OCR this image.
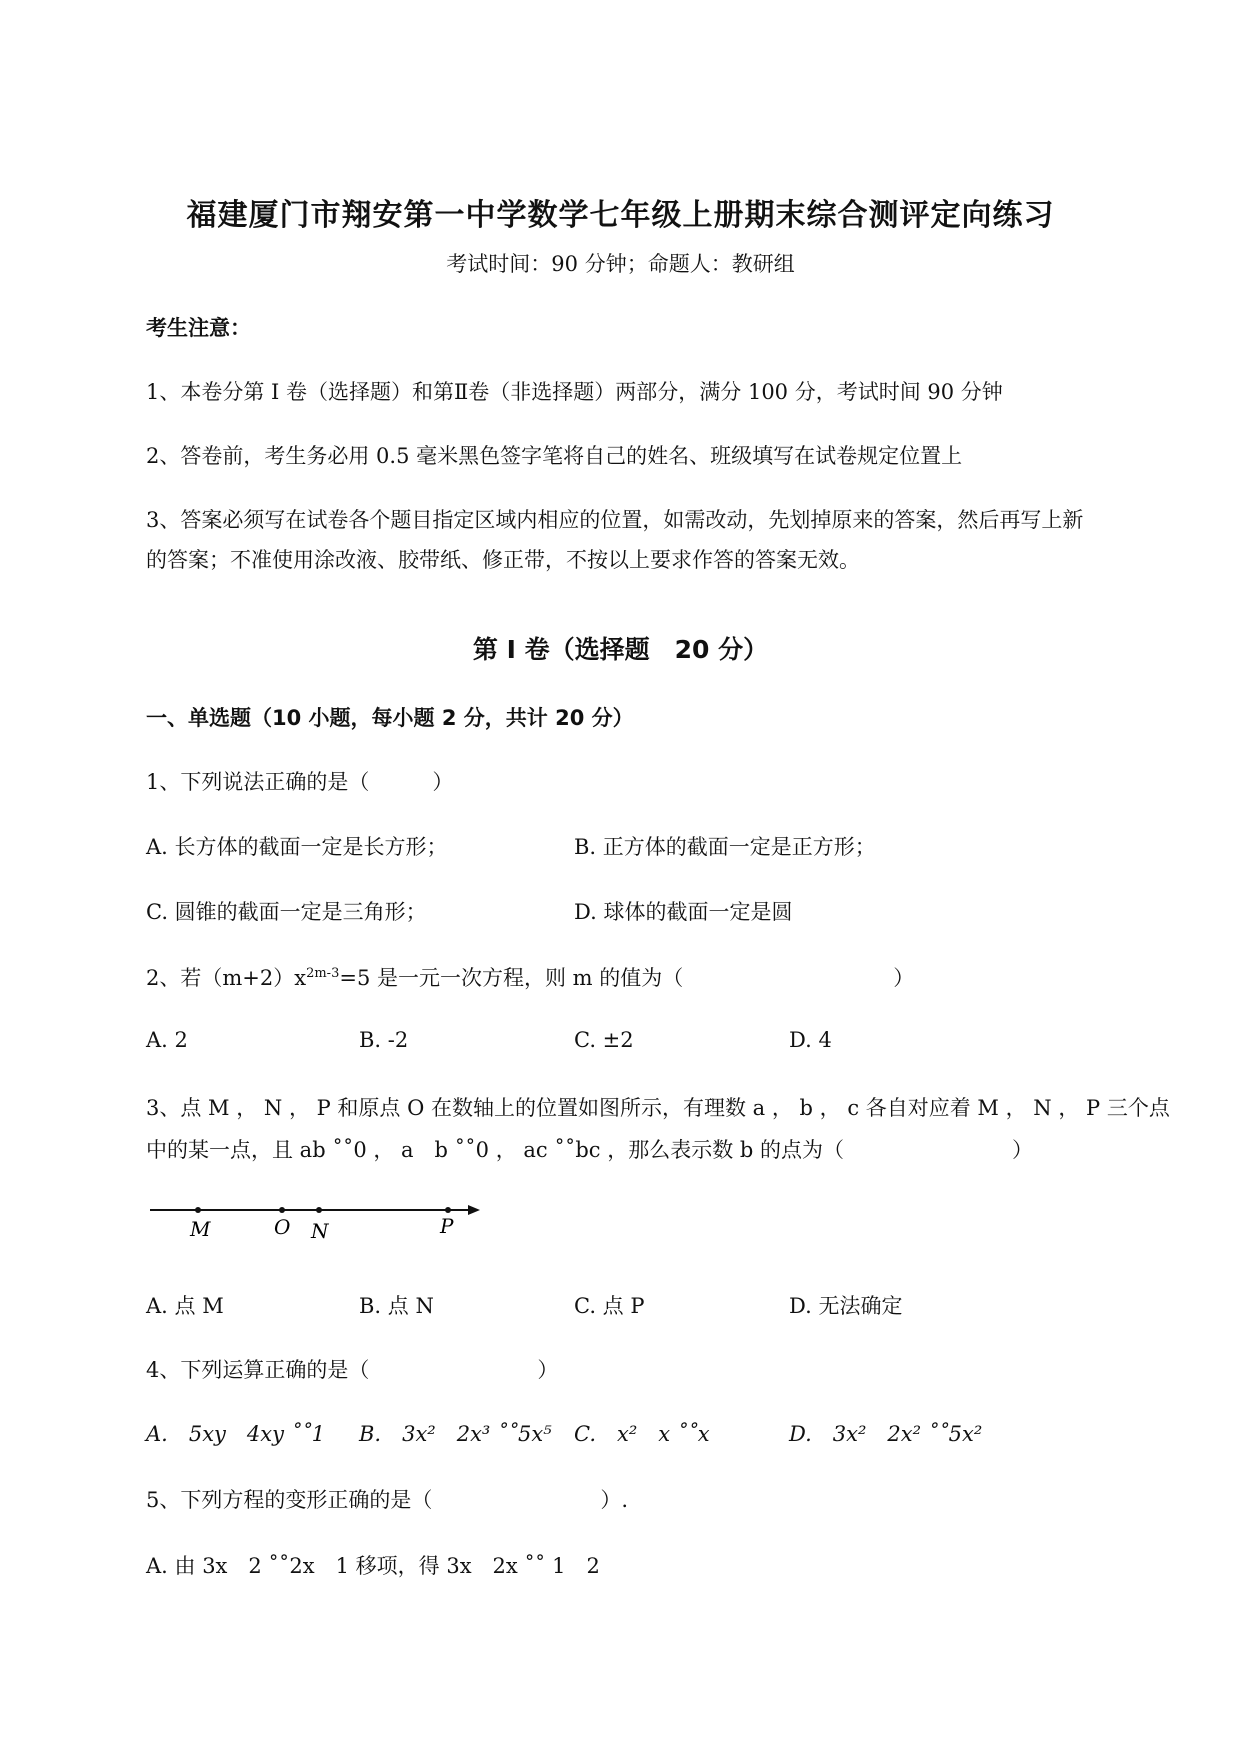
福建厦门市翔安第一中学数学七年级上册期末综合测评定向练习
考试时间：90 分钟；命题人：教研组
考生注意：
1、本卷分第 I 卷（选择题）和第Ⅱ卷（非选择题）两部分，满分 100 分，考试时间 90 分钟
2、答卷前，考生务必用 0.5 毫米黑色签字笔将自己的姓名、班级填写在试卷规定位置上
3、答案必须写在试卷各个题目指定区域内相应的位置，如需改动，先划掉原来的答案，然后再写上新
的答案；不准使用涂改液、胶带纸、修正带，不按以上要求作答的答案无效。
第 I 卷（选择题　20 分）
一、单选题（10 小题，每小题 2 分，共计 20 分）
1、下列说法正确的是（　　　）
A. 长方体的截面一定是长方形；	B. 正方体的截面一定是正方形；
C. 圆锥的截面一定是三角形；	D. 球体的截面一定是圆
2、若$(m+2)x^{2m-3}=5$ 是一元一次方程，则 m 的值为（　　　　　　　　　　）
A. 2	B. -2	C. ±2	D. 4
3、点 M ， N ， P 和原点 O 在数轴上的位置如图所示，有理数 a ， b ， c 各自对应着 M ， N ， P 三个点
中的某一点，且 ab ˚˚0 ， a　b ˚˚0 ， ac ˚˚bc ，那么表示数 b 的点为（　　　　　　　　）
M	O N	P
A. 点 M	B. 点 N	C. 点 P	D. 无法确定
4、下列运算正确的是（　　　　　　　　）
A.　5xy　4xy ˚˚1 B.　3x²　2x³ ˚˚5x⁵ C.　x²　x ˚˚x	D.　3x²　2x² ˚˚5x²
5、下列方程的变形正确的是（　　　　　　　　）.
A. 由 3x　2 ˚˚2x　1 移项，得 3x　2x ˚˚ 1　2
